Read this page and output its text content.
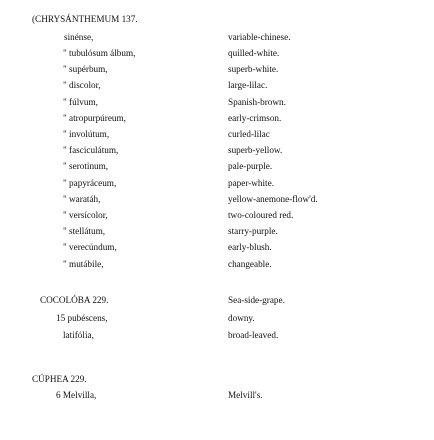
(CHRYSÁNTHEMUM 137.
sinénse,	variable-chinese.
" tubulósum álbum,	quilled-white.
" supérbum,	superb-white.
" discolor,	large-lilac.
" fúlvum,	Spanish-brown.
" atropurpúreum,	early-crimson.
" involútum,	curled-lilac
" fasciculátum,	superb-yellow.
" serotinum,	pale-purple.
" papyráceum,	paper-white.
" waratáh,	yellow-anemone-flow'd.
" versícolor,	two-coloured red.
" stellátum,	starry-purple.
" verecúndum,	early-blush.
" mutábile,	changeable.
COCOLÓBA 229.	Sea-side-grape.
15 pubéscens,	downy.
latifólia,	broad-leaved.
CÚPHEA 229.
6 Melvilla,	Melvill's.
